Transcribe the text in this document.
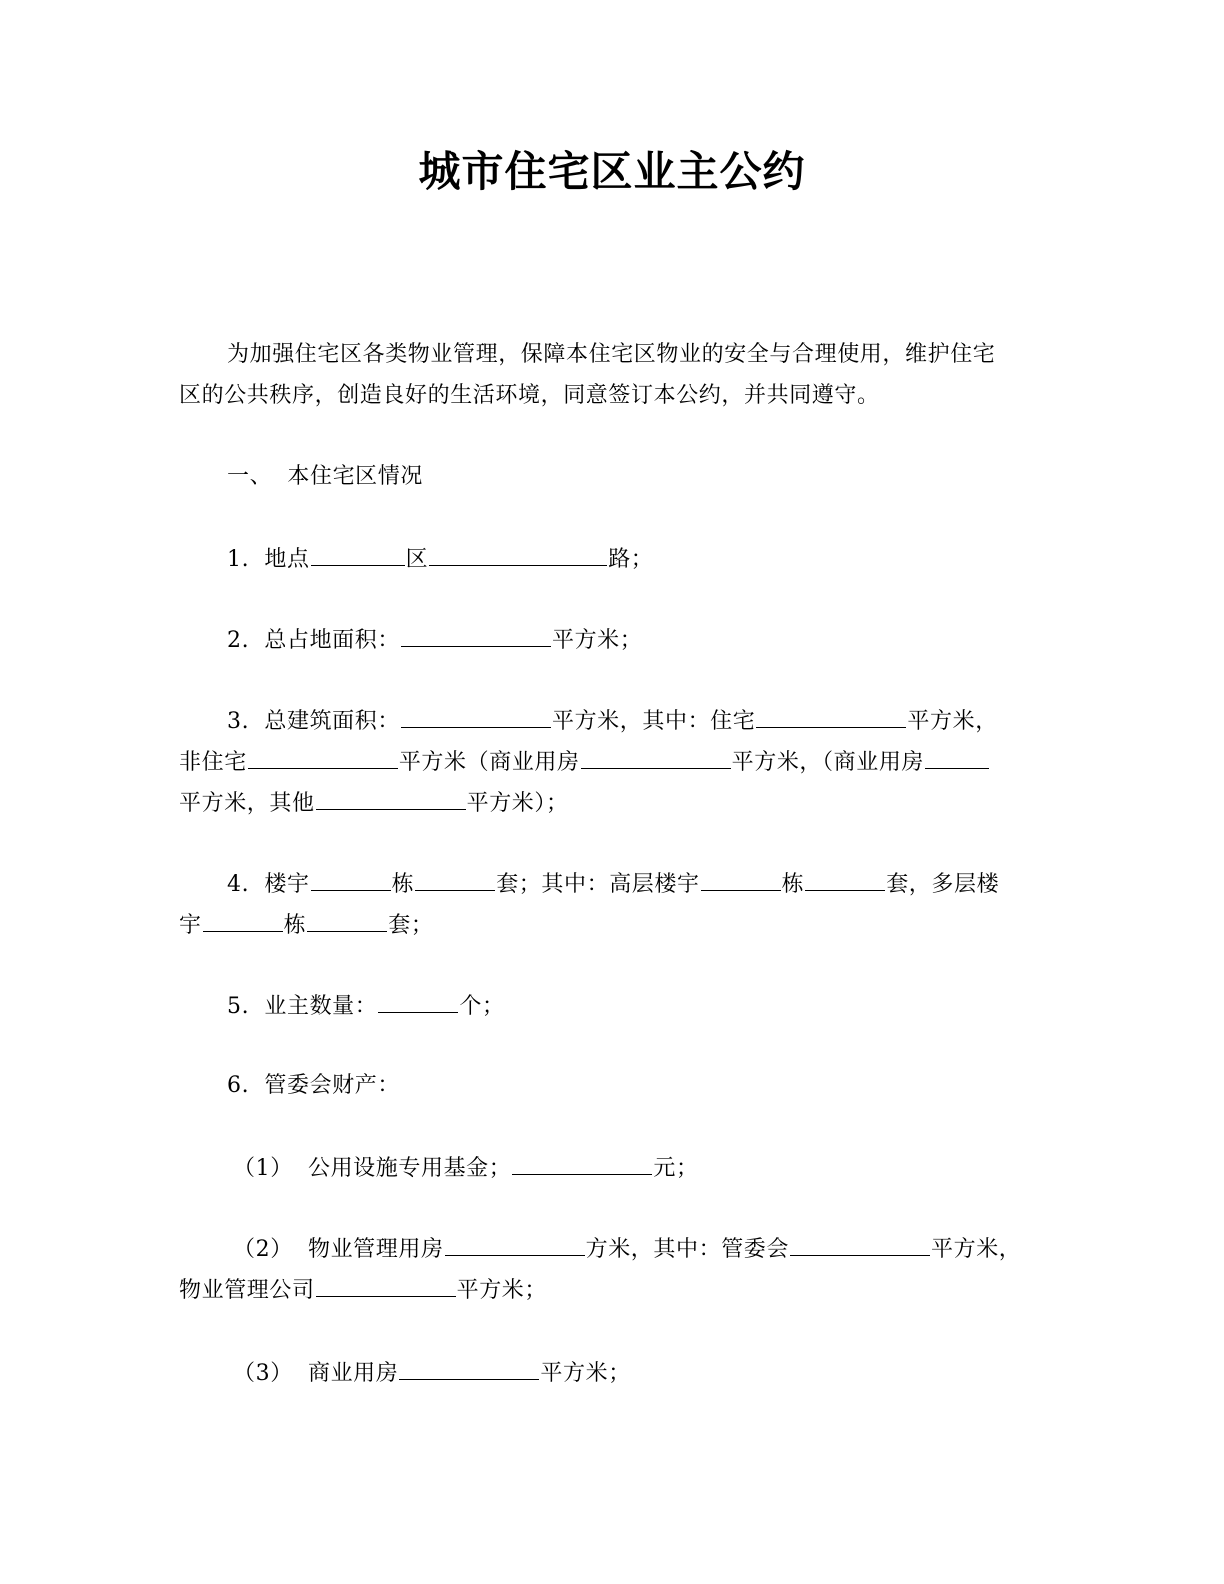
城市住宅区业主公约
为加强住宅区各类物业管理，保障本住宅区物业的安全与合理使用，维护住宅
区的公共秩序，创造良好的生活环境，同意签订本公约，并共同遵守。
一、  本住宅区情况
1.  地点	区	路；
2.  总占地面积：	平方米；
3.  总建筑面积：	平方米，其中：住宅	平方米，
非住宅	平方米（商业用房	平方米，（商业用房
平方米，其他	平方米）；
4.  楼宇	栋	套；其中：高层楼宇	栋	套，多层楼
宇	栋	套；
5.  业主数量：	个；
6.  管委会财产：
（1）  公用设施专用基金；	元；
（2）  物业管理用房	方米，其中：管委会	平方米，
物业管理公司	平方米；
（3）  商业用房	平方米；
